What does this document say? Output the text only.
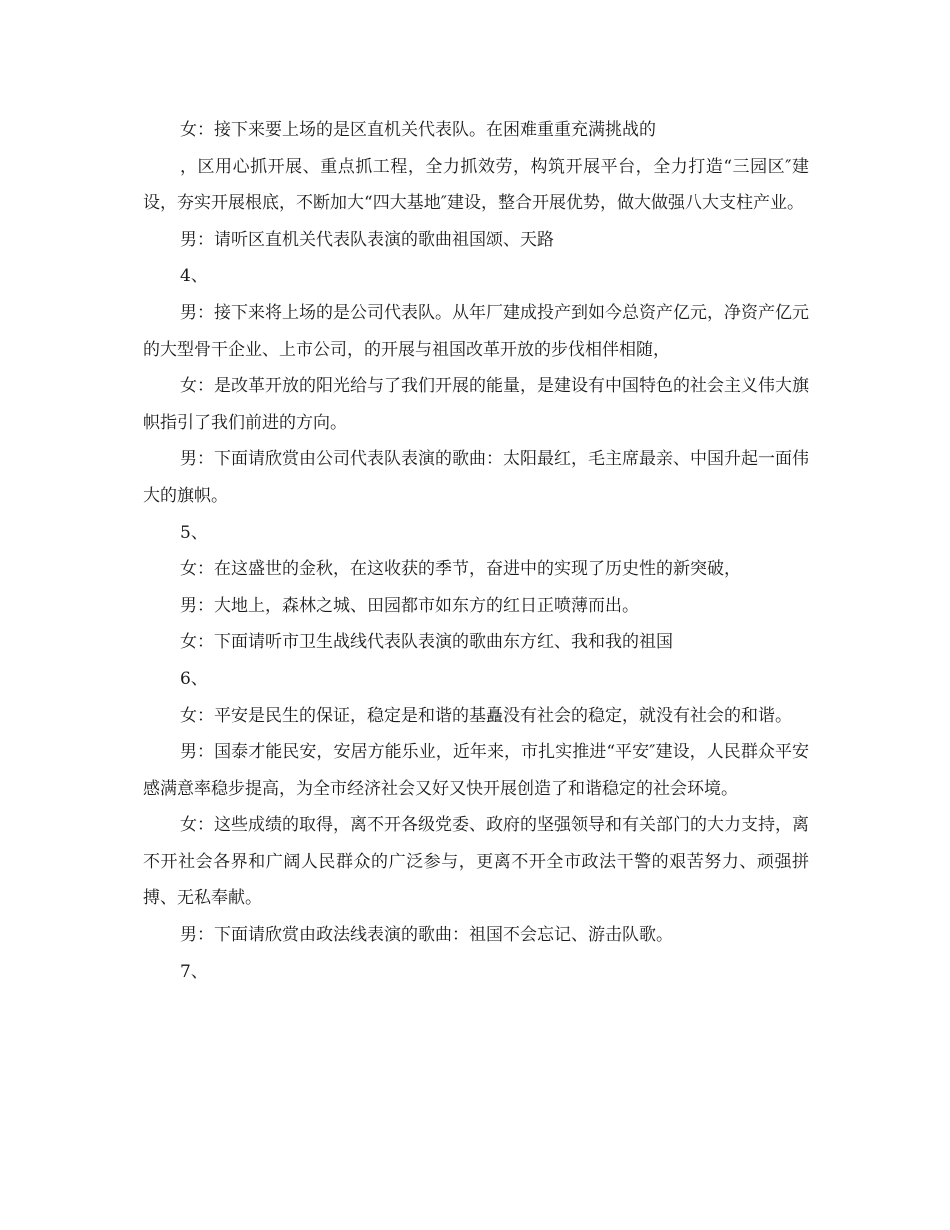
女：接下来要上场的是区直机关代表队。在困难重重充满挑战的

，区用心抓开展、重点抓工程，全力抓效劳，构筑开展平台，全力打造“三园区″建设，夯实开展根底，不断加大“四大基地″建设，整合开展优势，做大做强八大支柱产业。

男：请听区直机关代表队表演的歌曲祖国颂、天路

4、

男：接下来将上场的是公司代表队。从年厂建成投产到如今总资产亿元，净资产亿元的大型骨干企业、上市公司，的开展与祖国改革开放的步伐相伴相随，

女：是改革开放的阳光给与了我们开展的能量，是建设有中国特色的社会主义伟大旗帜指引了我们前进的方向。

男：下面请欣赏由公司代表队表演的歌曲：太阳最红，毛主席最亲、中国升起一面伟大的旗帜。

5、

女：在这盛世的金秋，在这收获的季节，奋进中的实现了历史性的新突破，

男：大地上，森林之城、田园都市如东方的红日正喷薄而出。

女：下面请听市卫生战线代表队表演的歌曲东方红、我和我的祖国

6、

女：平安是民生的保证，稳定是和谐的基矗没有社会的稳定，就没有社会的和谐。

男：国泰才能民安，安居方能乐业，近年来，市扎实推进“平安″建设，人民群众平安感满意率稳步提高，为全市经济社会又好又快开展创造了和谐稳定的社会环境。

女：这些成绩的取得，离不开各级党委、政府的坚强领导和有关部门的大力支持，离不开社会各界和广阔人民群众的广泛参与，更离不开全市政法干警的艰苦努力、顽强拼搏、无私奉献。

男：下面请欣赏由政法线表演的歌曲：祖国不会忘记、游击队歌。

7、
